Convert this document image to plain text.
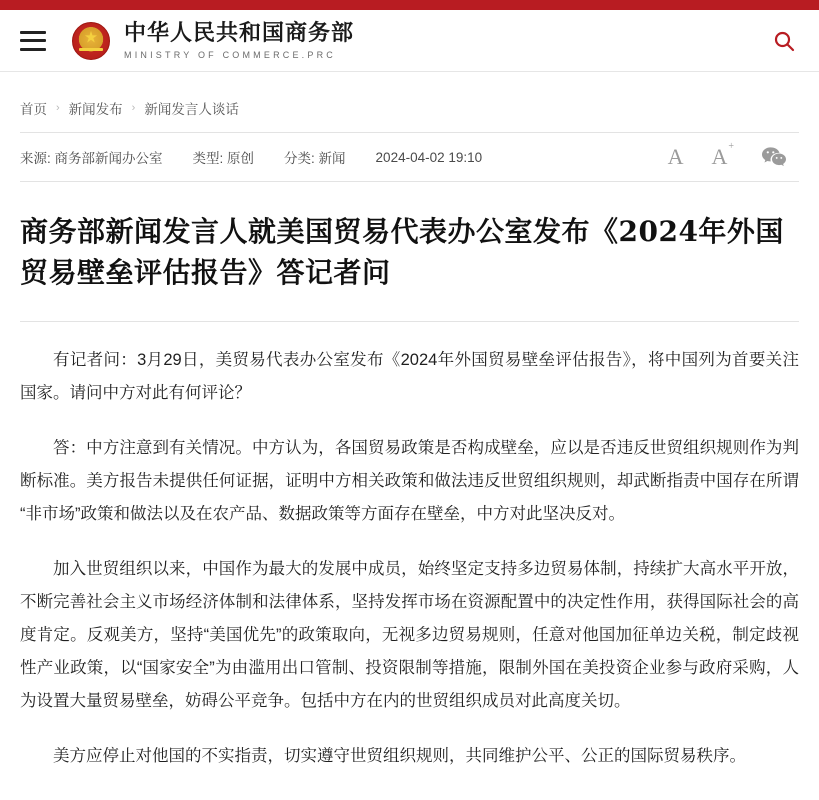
★ 中华人民共和国商务部
MINISTRY OF COMMERCE.PRC
首页 › 新闻发布 › 新闻发言人谈话
来源: 商务部新闻办公室 类型: 原创 分类: 新闻 2024-04-02 19:10	A A+
商务部新闻发言人就美国贸易代表办公室发布《2024年外国贸易壁垒评估报告》答记者问

有记者问：3月29日，美贸易代表办公室发布《2024年外国贸易壁垒评估报告》，将中国列为首要关注国家。请问中方对此有何评论？

答：中方注意到有关情况。中方认为，各国贸易政策是否构成壁垒，应以是否违反世贸组织规则作为判断标准。美方报告未提供任何证据，证明中方相关政策和做法违反世贸组织规则，却武断指责中国存在所谓“非市场”政策和做法以及在农产品、数据政策等方面存在壁垒，中方对此坚决反对。

加入世贸组织以来，中国作为最大的发展中成员，始终坚定支持多边贸易体制，持续扩大高水平开放，不断完善社会主义市场经济体制和法律体系，坚持发挥市场在资源配置中的决定性作用，获得国际社会的高度肯定。反观美方，坚持“美国优先”的政策取向，无视多边贸易规则，任意对他国加征单边关税，制定歧视性产业政策，以“国家安全”为由滥用出口管制、投资限制等措施，限制外国在美投资企业参与政府采购，人为设置大量贸易壁垒，妨碍公平竞争。包括中方在内的世贸组织成员对此高度关切。

美方应停止对他国的不实指责，切实遵守世贸组织规则，共同维护公平、公正的国际贸易秩序。
